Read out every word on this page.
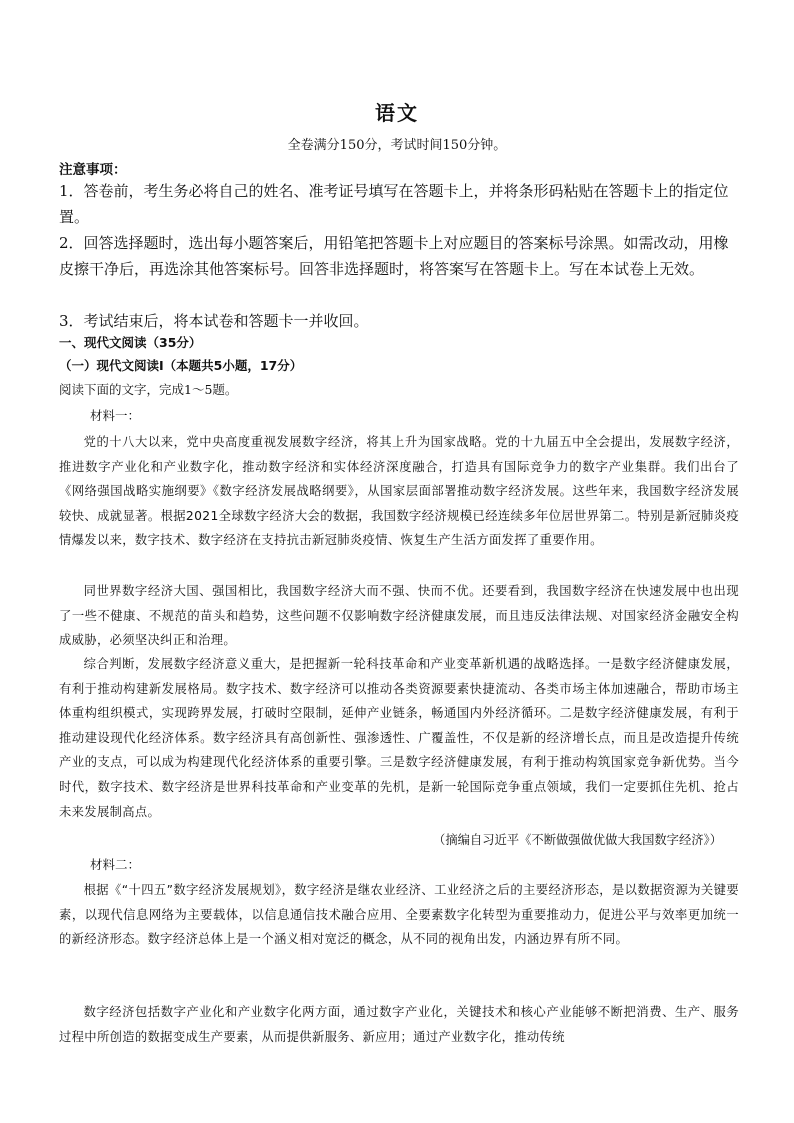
语文
全卷满分150分，考试时间150分钟。
注意事项：
1．答卷前，考生务必将自己的姓名、准考证号填写在答题卡上，并将条形码粘贴在答题卡上的指定位置。
2．回答选择题时，选出每小题答案后，用铅笔把答题卡上对应题目的答案标号涂黑。如需改动，用橡皮擦干净后，再选涂其他答案标号。回答非选择题时，将答案写在答题卡上。写在本试卷上无效。
3．考试结束后，将本试卷和答题卡一并收回。
一、现代文阅读（35分）
（一）现代文阅读Ⅰ（本题共5小题，17分）
阅读下面的文字，完成1～5题。
材料一：
党的十八大以来，党中央高度重视发展数字经济，将其上升为国家战略。党的十九届五中全会提出，发展数字经济，推进数字产业化和产业数字化，推动数字经济和实体经济深度融合，打造具有国际竞争力的数字产业集群。我们出台了《网络强国战略实施纲要》《数字经济发展战略纲要》，从国家层面部署推动数字经济发展。这些年来，我国数字经济发展较快、成就显著。根据2021全球数字经济大会的数据，我国数字经济规模已经连续多年位居世界第二。特别是新冠肺炎疫情爆发以来，数字技术、数字经济在支持抗击新冠肺炎疫情、恢复生产生活方面发挥了重要作用。
同世界数字经济大国、强国相比，我国数字经济大而不强、快而不优。还要看到，我国数字经济在快速发展中也出现了一些不健康、不规范的苗头和趋势，这些问题不仅影响数字经济健康发展，而且违反法律法规、对国家经济金融安全构成威胁，必须坚决纠正和治理。
综合判断，发展数字经济意义重大，是把握新一轮科技革命和产业变革新机遇的战略选择。一是数字经济健康发展，有利于推动构建新发展格局。数字技术、数字经济可以推动各类资源要素快捷流动、各类市场主体加速融合，帮助市场主体重构组织模式，实现跨界发展，打破时空限制，延伸产业链条，畅通国内外经济循环。二是数字经济健康发展，有利于推动建设现代化经济体系。数字经济具有高创新性、强渗透性、广覆盖性，不仅是新的经济增长点，而且是改造提升传统产业的支点，可以成为构建现代化经济体系的重要引擎。三是数字经济健康发展，有利于推动构筑国家竞争新优势。当今时代，数字技术、数字经济是世界科技革命和产业变革的先机，是新一轮国际竞争重点领域，我们一定要抓住先机、抢占未来发展制高点。
（摘编自习近平《不断做强做优做大我国数字经济》）
材料二：
根据《“十四五”数字经济发展规划》，数字经济是继农业经济、工业经济之后的主要经济形态，是以数据资源为关键要素，以现代信息网络为主要载体，以信息通信技术融合应用、全要素数字化转型为重要推动力，促进公平与效率更加统一的新经济形态。数字经济总体上是一个涵义相对宽泛的概念，从不同的视角出发，内涵边界有所不同。
数字经济包括数字产业化和产业数字化两方面，通过数字产业化，关键技术和核心产业能够不断把消费、生产、服务过程中所创造的数据变成生产要素，从而提供新服务、新应用；通过产业数字化，推动传统
